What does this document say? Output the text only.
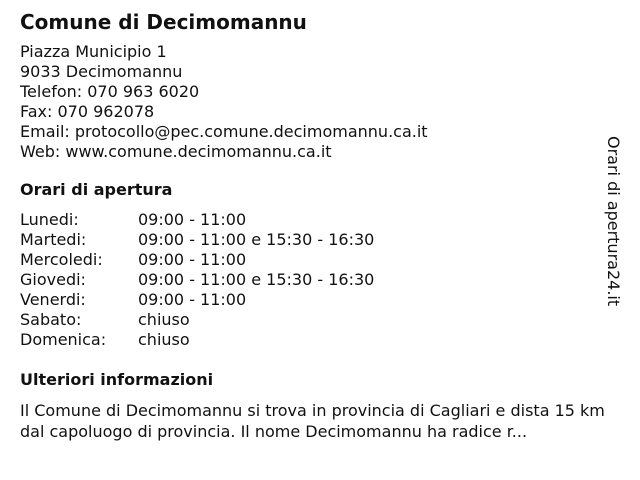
Comune di Decimomannu
Piazza Municipio 1
9033 Decimomannu
Telefon: 070 963 6020
Fax: 070 962078
Email: protocollo@pec.comune.decimomannu.ca.it
Web: www.comune.decimomannu.ca.it
Orari di apertura
Lunedi:	09:00 - 11:00
Martedi:	09:00 - 11:00 e 15:30 - 16:30
Mercoledi:	09:00 - 11:00
Giovedi:	09:00 - 11:00 e 15:30 - 16:30
Venerdi:	09:00 - 11:00
Sabato:	chiuso
Domenica:	chiuso
Ulteriori informazioni
Il Comune di Decimomannu si trova in provincia di Cagliari e dista 15 km dal capoluogo di provincia. Il nome Decimomannu ha radice r...
Orari di apertura24.it
